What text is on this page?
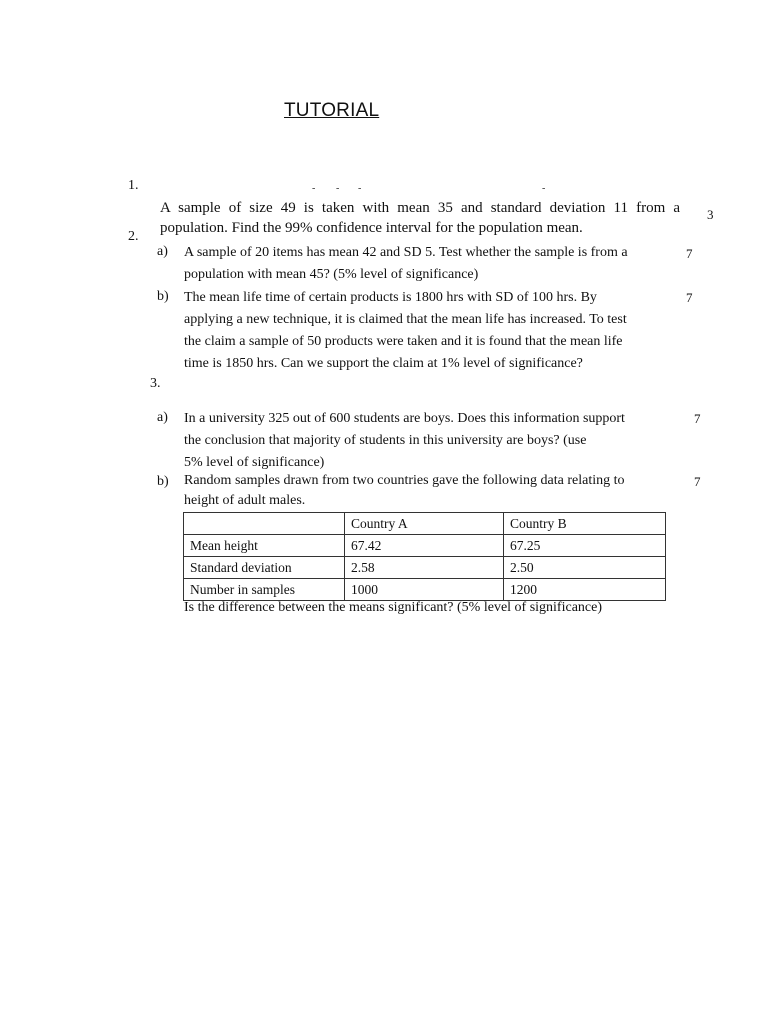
TUTORIAL
- - -	-
1.
A sample of size 49 is taken with mean 35 and standard deviation 11 from a population. Find the 99% confidence interval for the population mean.
3
2.
a) A sample of 20 items has mean 42 and SD 5. Test whether the sample is from a
population with mean 45? (5% level of significance)
7
b) The mean life time of certain products is 1800 hrs with SD of 100 hrs. By
applying a new technique, it is claimed that the mean life has increased. To test
the claim a sample of 50 products were taken and it is found that the mean life
time is 1850 hrs. Can we support the claim at 1% level of significance?
7
3.
a) In a university 325 out of 600 students are boys. Does this information support
the conclusion that majority of students in this university are boys? (use
5% level of significance)
7
b) Random samples drawn from two countries gave the following data relating to
height of adult males.
7
	Country A	Country B
Mean height	67.42	67.25
Standard deviation	2.58	2.50
Number in samples	1000	1200
Is the difference between the means significant? (5% level of significance)
